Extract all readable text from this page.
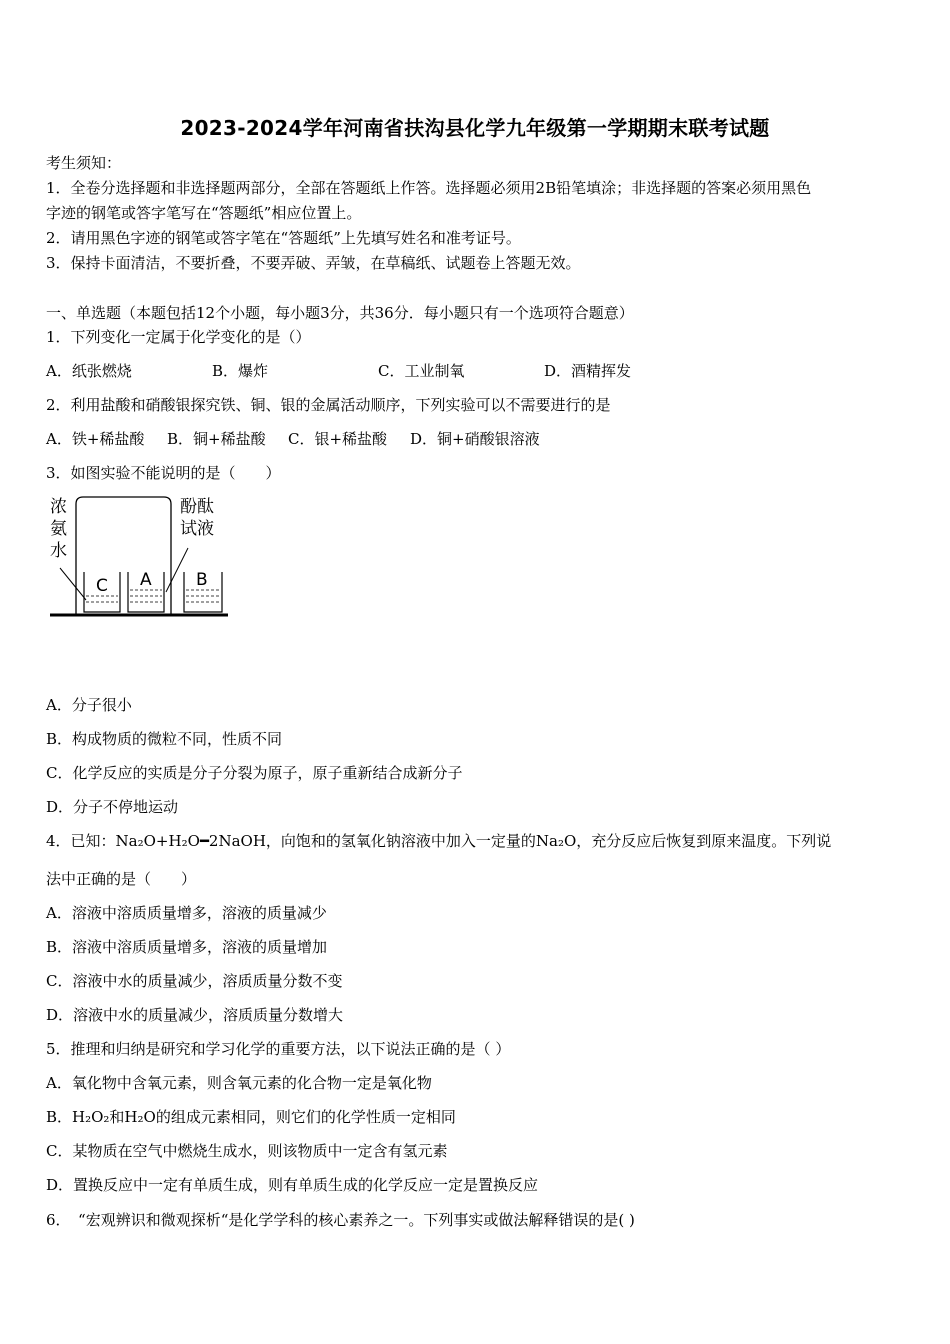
2023-2024学年河南省扶沟县化学九年级第一学期期末联考试题
考生须知：
1．全卷分选择题和非选择题两部分，全部在答题纸上作答。选择题必须用2B铅笔填涂；非选择题的答案必须用黑色
字迹的钢笔或答字笔写在“答题纸”相应位置上。
2．请用黑色字迹的钢笔或答字笔在“答题纸”上先填写姓名和准考证号。
3．保持卡面清洁，不要折叠，不要弄破、弄皱，在草稿纸、试题卷上答题无效。
一、单选题（本题包括12个小题，每小题3分，共36分．每小题只有一个选项符合题意）
1．下列变化一定属于化学变化的是（）
A．纸张燃烧	B．爆炸	C．工业制氧	D．酒精挥发
2．利用盐酸和硝酸银探究铁、铜、银的金属活动顺序，下列实验可以不需要进行的是
A．铁+稀盐酸 B．铜+稀盐酸 C．银+稀盐酸 D．铜+硝酸银溶液
3．如图实验不能说明的是（　　）
C A	B
浓
氨
水
酚酞
试液
A．分子很小
B．构成物质的微粒不同，性质不同
C．化学反应的实质是分子分裂为原子，原子重新结合成新分子
D．分子不停地运动
4．已知：Na₂O+H₂O━2NaOH，向饱和的氢氧化钠溶液中加入一定量的Na₂O，充分反应后恢复到原来温度。下列说
法中正确的是（　　）
A．溶液中溶质质量增多，溶液的质量减少
B．溶液中溶质质量增多，溶液的质量增加
C．溶液中水的质量减少，溶质质量分数不变
D．溶液中水的质量减少，溶质质量分数增大
5．推理和归纳是研究和学习化学的重要方法，以下说法正确的是（ ）
A．氧化物中含氧元素，则含氧元素的化合物一定是氧化物
B．H₂O₂和H₂O的组成元素相同，则它们的化学性质一定相同
C．某物质在空气中燃烧生成水，则该物质中一定含有氢元素
D．置换反应中一定有单质生成，则有单质生成的化学反应一定是置换反应
6．　“宏观辨识和微观探析“是化学学科的核心素养之一。下列事实或做法解释错误的是( )
